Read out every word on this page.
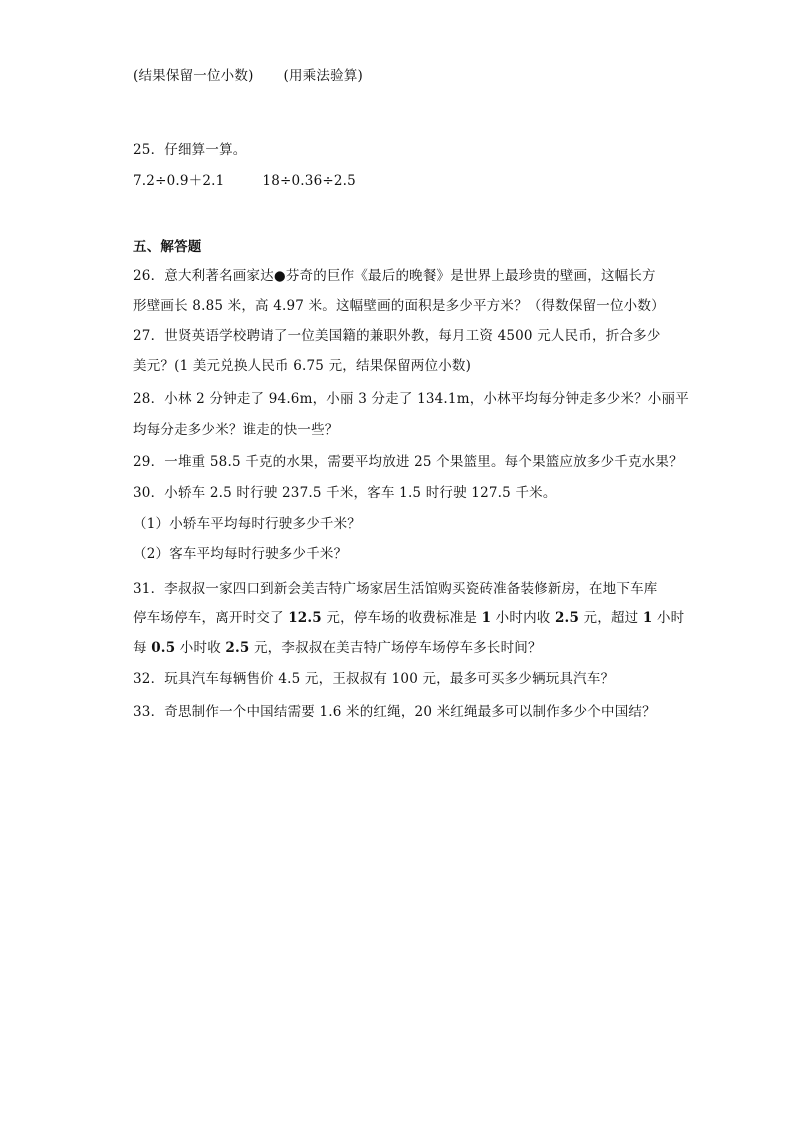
(结果保留一位小数) (用乘法验算)
25．仔细算一算。
7.2÷0.9＋2.1	18÷0.36÷2.5
五、解答题
26．意大利著名画家达●芬奇的巨作《最后的晚餐》是世界上最珍贵的壁画，这幅长方
形壁画长 8.85 米，高 4.97 米。这幅壁画的面积是多少平方米？（得数保留一位小数）
27．世贤英语学校聘请了一位美国籍的兼职外教，每月工资 4500 元人民币，折合多少
美元？(1 美元兑换人民币 6.75 元，结果保留两位小数)
28．小林 2 分钟走了 94.6m，小丽 3 分走了 134.1m，小林平均每分钟走多少米？小丽平
均每分走多少米？谁走的快一些？
29．一堆重 58.5 千克的水果，需要平均放进 25 个果篮里。每个果篮应放多少千克水果？
30．小轿车 2.5 时行驶 237.5 千米，客车 1.5 时行驶 127.5 千米。
（1）小轿车平均每时行驶多少千米？
（2）客车平均每时行驶多少千米？
31．李叔叔一家四口到新会美吉特广场家居生活馆购买瓷砖准备装修新房，在地下车库
停车场停车，离开时交了 12.5 元，停车场的收费标准是 1 小时内收 2.5 元，超过 1 小时
每 0.5 小时收 2.5 元，李叔叔在美吉特广场停车场停车多长时间？
32．玩具汽车每辆售价 4.5 元，王叔叔有 100 元，最多可买多少辆玩具汽车？
33．奇思制作一个中国结需要 1.6 米的红绳，20 米红绳最多可以制作多少个中国结？
